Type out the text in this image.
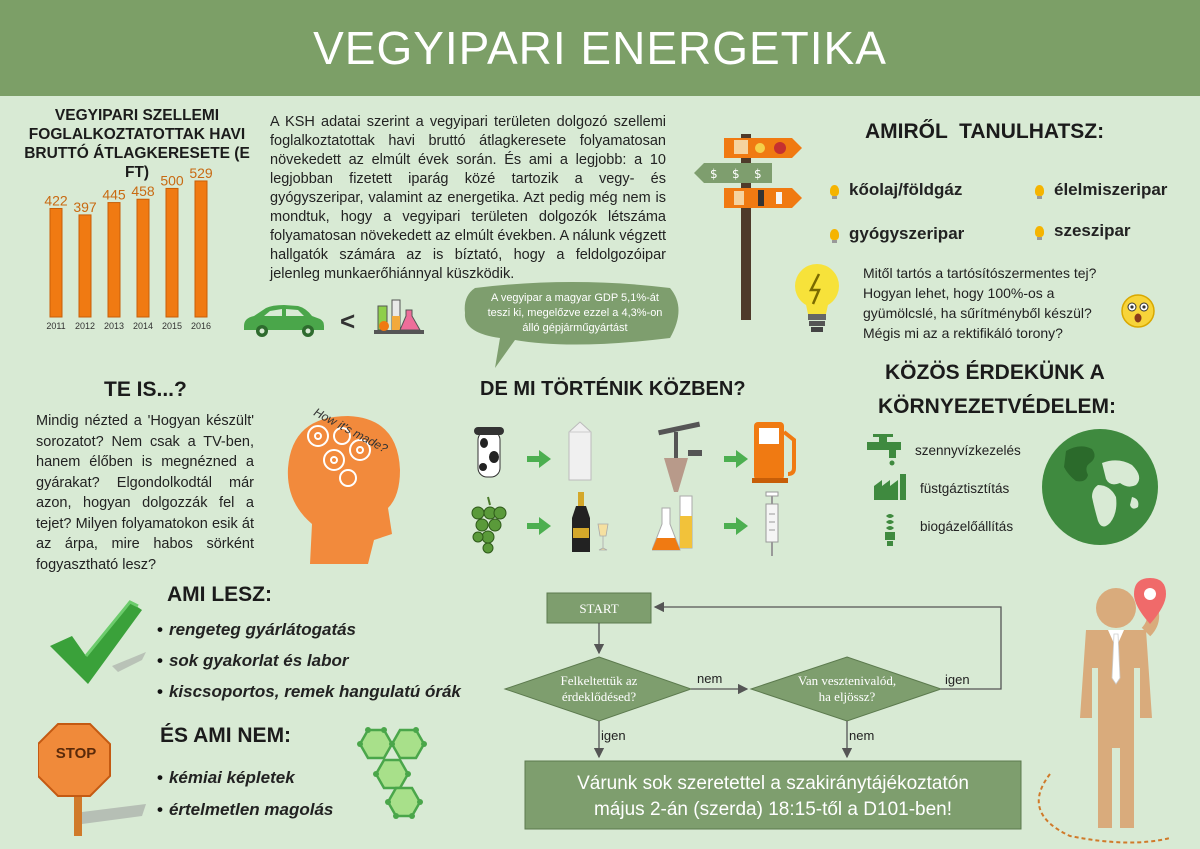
VEGYIPARI ENERGETIKA
VEGYIPARI SZELLEMI FOGLALKOZTATOTTAK HAVI BRUTTÓ ÁTLAGKERESETE (E FT)
422
2011
397
2012
445
2013
458
2014
500
2015
529
2016
A KSH adatai szerint a vegyipari területen dolgozó szellemi foglalkoztatottak havi bruttó átlagkeresete folyamatosan növekedett az elmúlt évek során. És ami a legjobb: a 10 legjobban fizetett iparág közé tartozik a vegy- és gyógyszeripar, valamint az energetika. Azt pedig még nem is mondtuk, hogy a vegyipari területen dolgozók létszáma folyamatosan növekedett az elmúlt években. A nálunk végzett hallgatók számára az is bíztató, hogy a feldolgozóipar jelenleg munkaerőhiánnyal küszködik.
<
A vegyipar a magyar GDP 5,1%-át teszi ki, megelőzve ezzel a 4,3%-on álló gépjárműgyártást
$ $ $
AMIRŐL  TANULHATSZ:
kőolaj/földgáz	élelmiszeripar
gyógyszeripar	szeszipar
Mitől tartós a tartósítószermentes tej?
Hogyan lehet, hogy 100%-os a
gyümölcslé, ha sűrítményből készül?
Mégis mi az a rektifikáló torony?
TE IS...?
Mindig nézted a 'Hogyan készült' sorozatot? Nem csak a TV-ben, hanem élőben is megnézned a gyárakat? Elgondolkodtál már azon, hogyan dolgozzák fel a tejet? Milyen folyamatokon esik át az árpa, mire habos sörként fogyasztható lesz?
How it's made?
DE MI TÖRTÉNIK KÖZBEN?
KÖZÖS ÉRDEKÜNK A
KÖRNYEZETVÉDELEM:
szennyvízkezelés
füstgáztisztítás
biogázelőállítás
AMI LESZ:
• rengeteg gyárlátogatás
• sok gyakorlat és labor
• kiscsoportos, remek hangulatú órák
ÉS AMI NEM:
STOP
• kémiai képletek
• értelmetlen magolás
START
Felkeltettük az
érdeklődésed?
Van vesztenivalód,
ha eljössz?
nem
igen	nem
igen
Várunk sok szeretettel a szakiránytájékoztatón
május 2-án (szerda) 18:15-től a D101-ben!
